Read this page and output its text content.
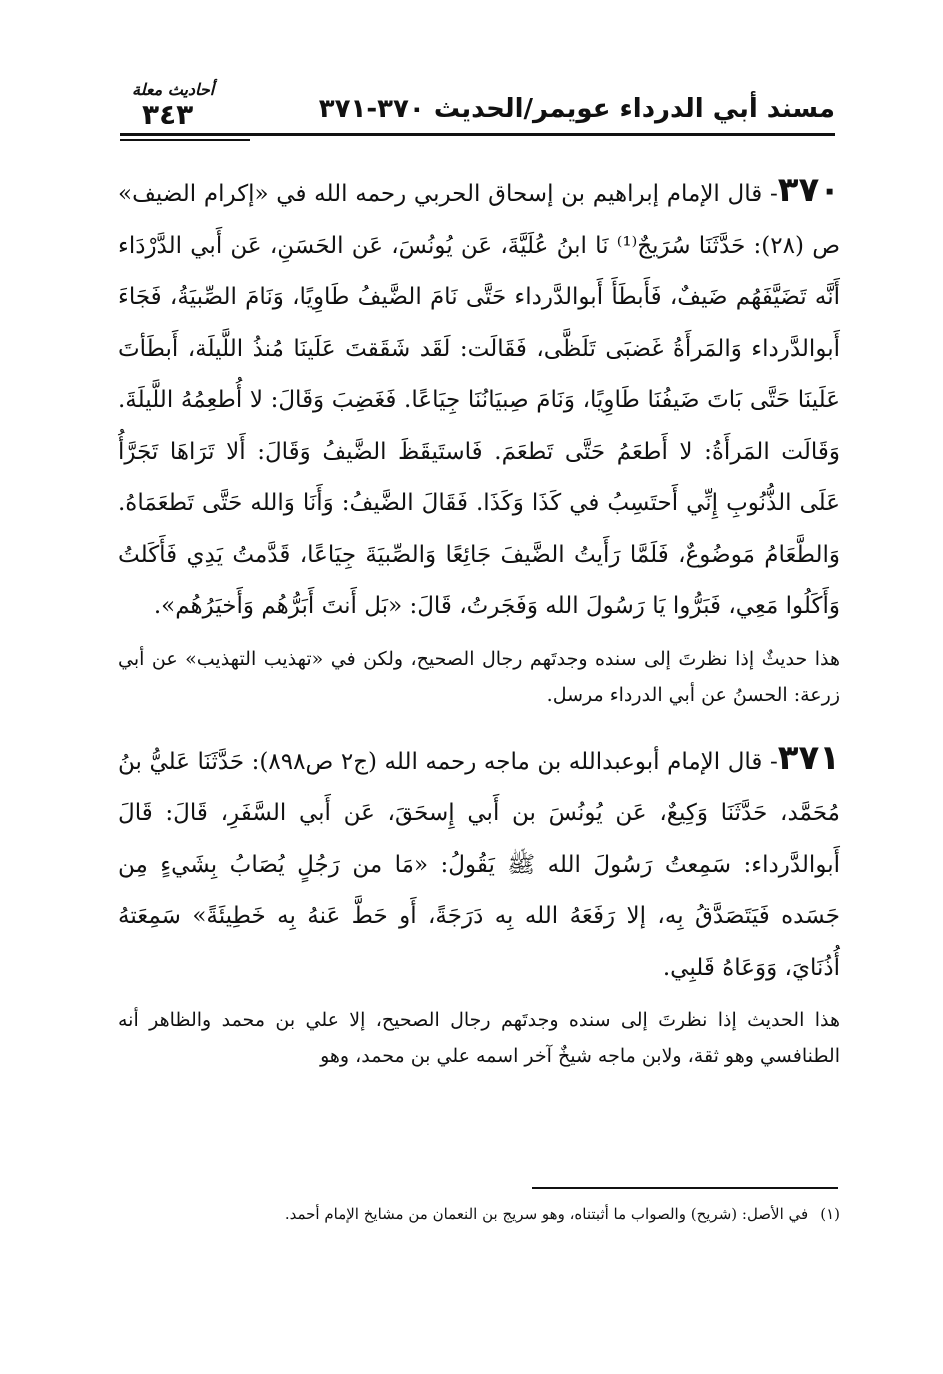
أحاديث معلة
٣٤٣	مسند أبي الدرداء عويمر/الحديث ٣٧٠-٣٧١

٣٧٠- قال الإمام إبراهيم بن إسحاق الحربي رحمه الله في «إكرام الضيف» ص (٢٨): حَدَّثَنَا سُرَيجٌ⁽¹⁾ نَا ابنُ عُلَيَّةَ، عَن يُونُسَ، عَن الحَسَنِ، عَن أَبي الدَّرْدَاء أَنَّه تَضَيَّفَهُم ضَيفٌ، فَأَبطَأَ أَبوالدَّرداء حَتَّى نَامَ الضَّيفُ طَاوِيًا، وَنَامَ الصِّبيَةُ، فَجَاءَ أَبوالدَّرداء وَالمَرأَةُ غَضبَى تَلَظَّى، فَقَالَت: لَقَد شَقَقتَ عَلَينَا مُنذُ اللَّيلَة، أَبطَأتَ عَلَينَا حَتَّى بَاتَ ضَيفُنَا طَاوِيًا، وَنَامَ صِبيَانُنَا جِيَاعًا. فَغَضِبَ وَقَالَ: لا أُطعِمُهُ اللَّيلَةَ. وَقَالَت المَرأَةُ: لا أَطعَمُ حَتَّى تَطعَمَ. فَاستَيقَظَ الضَّيفُ وَقَالَ: أَلا تَرَاهَا تَجَرَّأُ عَلَى الذُّنُوبِ إِنِّي أَحتَسِبُ في كَذَا وَكَذَا. فَقَالَ الضَّيفُ: وَأَنَا وَالله حَتَّى تَطعَمَاهُ. وَالطَّعَامُ مَوضُوعٌ، فَلَمَّا رَأَيتُ الضَّيفَ جَائِعًا وَالصِّبيَةَ جِيَاعًا، قَدَّمتُ يَدِي فَأَكَلتُ وَأَكَلُوا مَعِي، فَبَرُّوا يَا رَسُولَ الله وَفَجَرتُ، قَالَ: «بَل أَنتَ أَبَرُّهُم وَأَخيَرُهُم».

هذا حديثٌ إذا نظرتَ إلى سنده وجدتَهم رجال الصحيح، ولكن في «تهذيب التهذيب» عن أبي زرعة: الحسنُ عن أبي الدرداء مرسل.

٣٧١- قال الإمام أبوعبدالله بن ماجه رحمه الله (ج٢ ص٨٩٨): حَدَّثَنَا عَليُّ بنُ مُحَمَّد، حَدَّثَنَا وَكِيعٌ، عَن يُونُسَ بن أَبي إِسحَقَ، عَن أَبي السَّفَرِ، قَالَ: قَالَ أَبوالدَّرداء: سَمِعتُ رَسُولَ الله ﷺ يَقُولُ: «مَا من رَجُلٍ يُصَابُ بِشَيءٍ مِن جَسَده فَيَتَصَدَّقُ بِه، إلا رَفَعَهُ الله بِه دَرَجَةً، أَو حَطَّ عَنهُ بِه خَطِيئَةً» سَمِعَتهُ أُذُنَايَ، وَوَعَاهُ قَلبِي.

هذا الحديث إذا نظرتَ إلى سنده وجدتَهم رجال الصحيح، إلا علي بن محمد والظاهر أنه الطنافسي وهو ثقة، ولابن ماجه شيخٌ آخر اسمه علي بن محمد، وهو

(١)في الأصل: (شريح) والصواب ما أثبتناه، وهو سريج بن النعمان من مشايخ الإمام أحمد.
